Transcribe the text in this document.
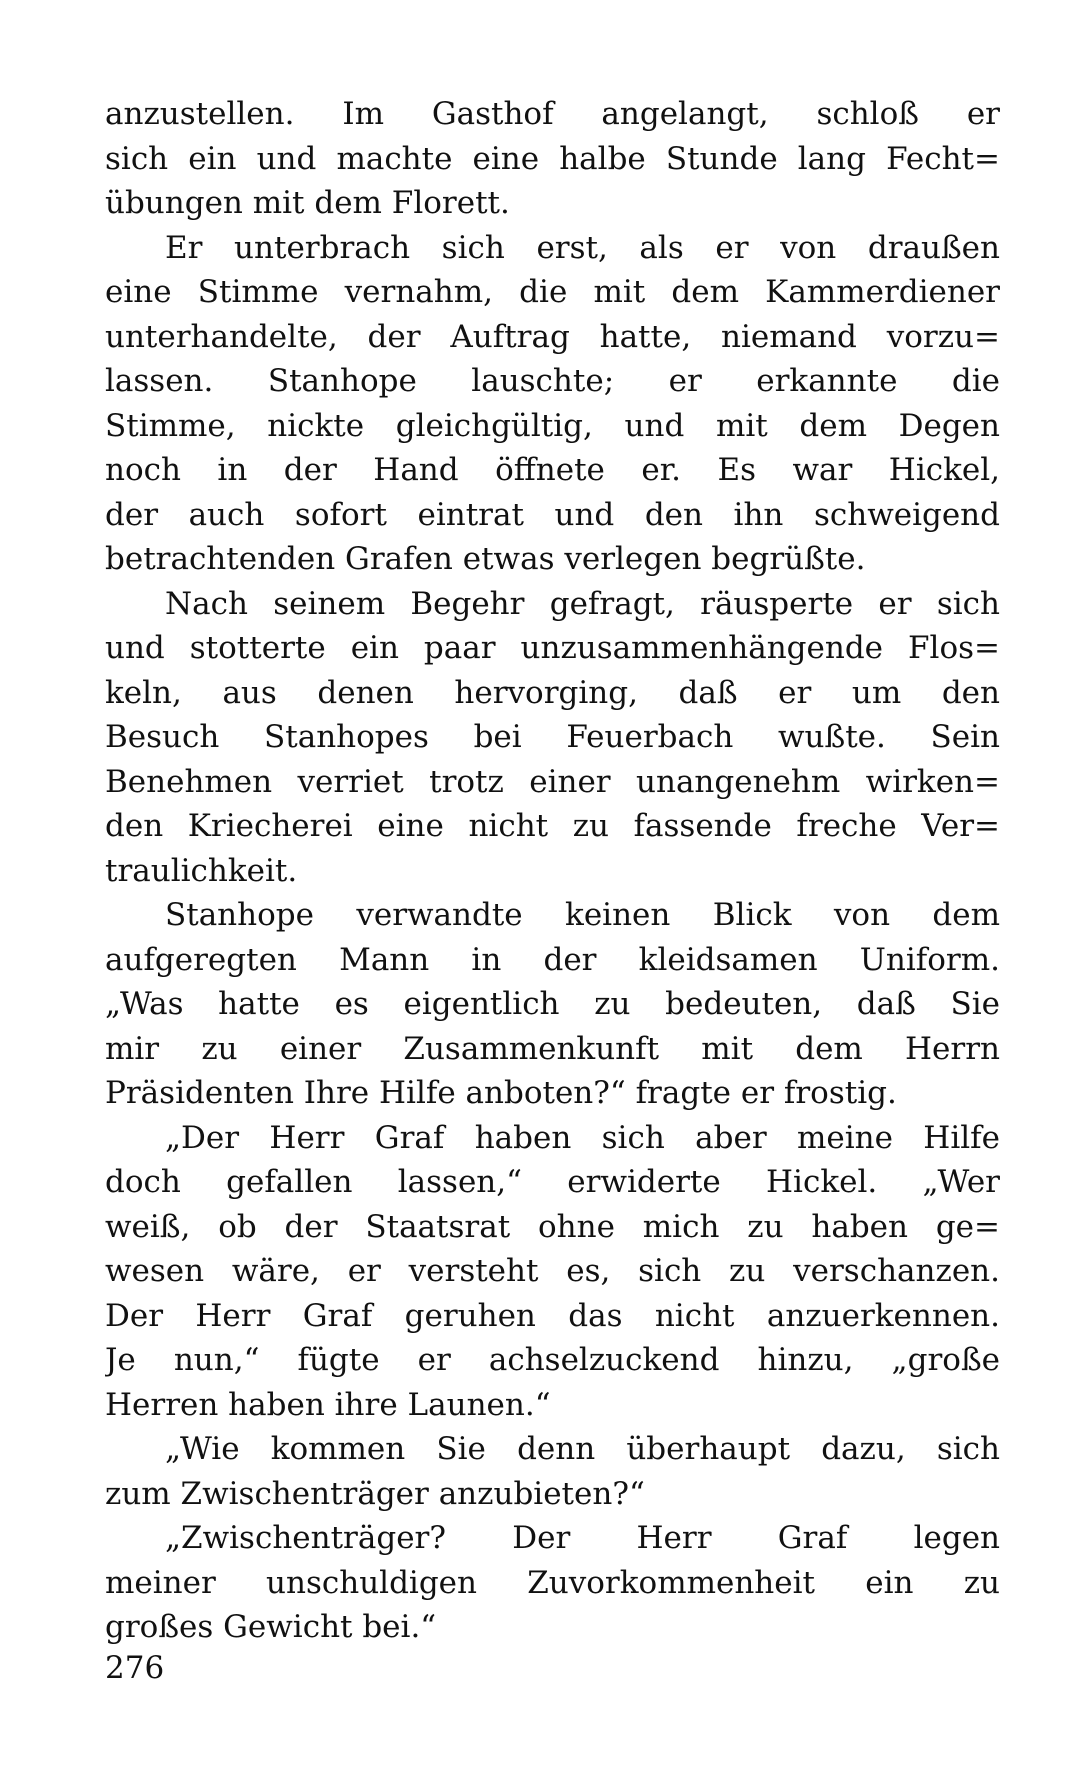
anzustellen. Im Gasthof angelangt, schloß er
sich ein und machte eine halbe Stunde lang Fecht=
übungen mit dem Florett.
Er unterbrach sich erst, als er von draußen
eine Stimme vernahm, die mit dem Kammerdiener
unterhandelte, der Auftrag hatte, niemand vorzu=
lassen. Stanhope lauschte; er erkannte die
Stimme, nickte gleichgültig, und mit dem Degen
noch in der Hand öffnete er. Es war Hickel,
der auch sofort eintrat und den ihn schweigend
betrachtenden Grafen etwas verlegen begrüßte.
Nach seinem Begehr gefragt, räusperte er sich
und stotterte ein paar unzusammenhängende Flos=
keln, aus denen hervorging, daß er um den
Besuch Stanhopes bei Feuerbach wußte. Sein
Benehmen verriet trotz einer unangenehm wirken=
den Kriecherei eine nicht zu fassende freche Ver=
traulichkeit.
Stanhope verwandte keinen Blick von dem
aufgeregten Mann in der kleidsamen Uniform.
„Was hatte es eigentlich zu bedeuten, daß Sie
mir zu einer Zusammenkunft mit dem Herrn
Präsidenten Ihre Hilfe anboten?“ fragte er frostig.
„Der Herr Graf haben sich aber meine Hilfe
doch gefallen lassen,“ erwiderte Hickel. „Wer
weiß, ob der Staatsrat ohne mich zu haben ge=
wesen wäre, er versteht es, sich zu verschanzen.
Der Herr Graf geruhen das nicht anzuerkennen.
Je nun,“ fügte er achselzuckend hinzu, „große
Herren haben ihre Launen.“
„Wie kommen Sie denn überhaupt dazu, sich
zum Zwischenträger anzubieten?“
„Zwischenträger? Der Herr Graf legen
meiner unschuldigen Zuvorkommenheit ein zu
großes Gewicht bei.“
276
